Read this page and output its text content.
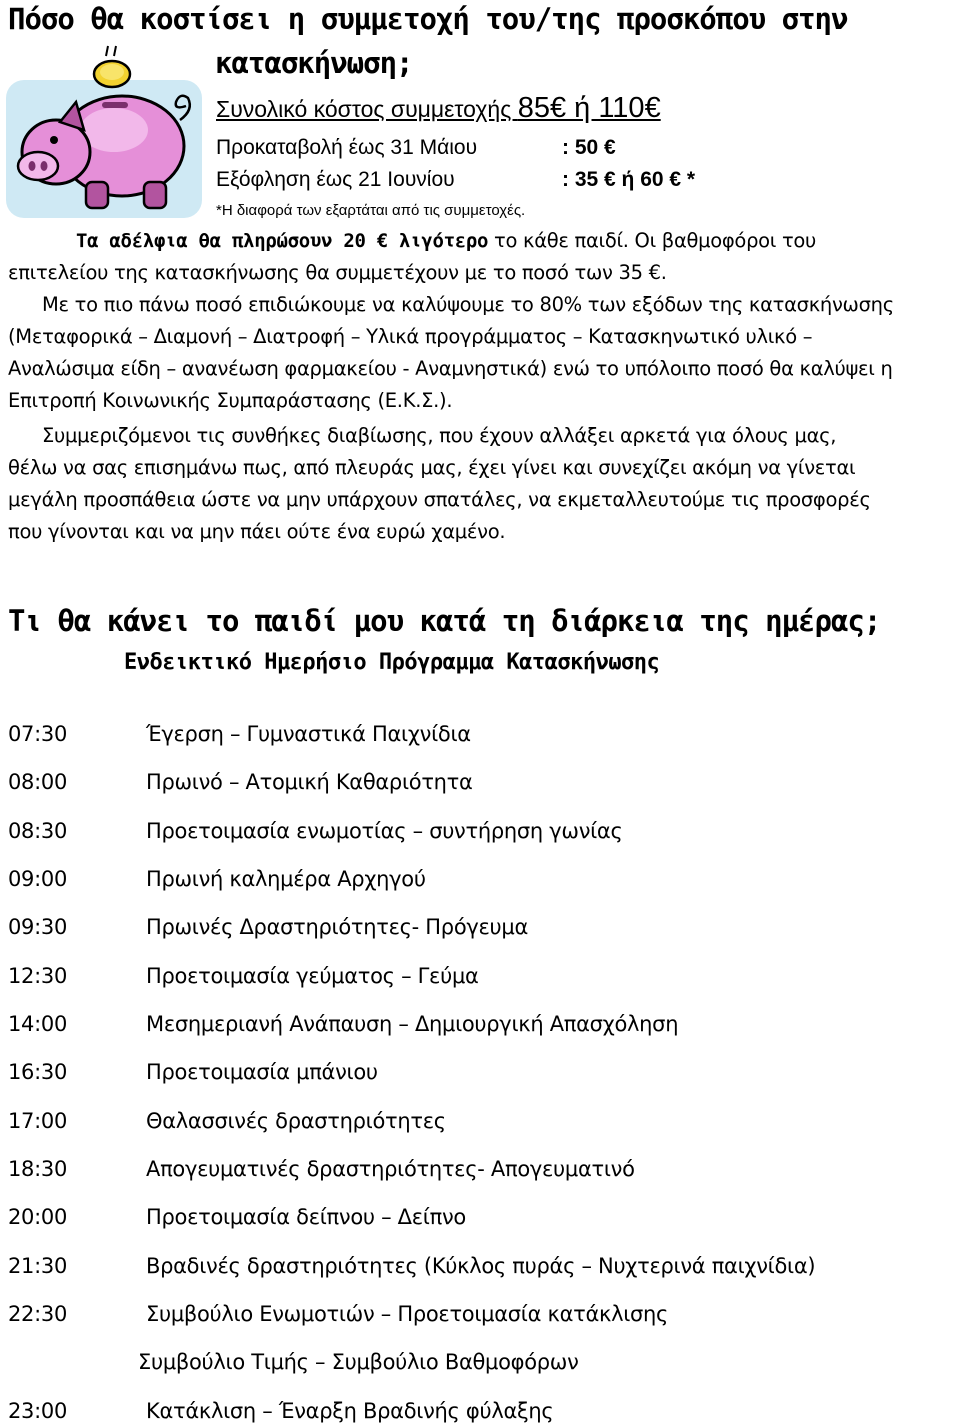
Πόσο θα κοστίσει η συμμετοχή του/της προσκόπου στην
κατασκήνωση;
Συνολικό κόστος συμμετοχής 85€ ή 110€
Προκαταβολή έως 31 Μάιου	: 50 €
Εξόφληση έως 21 Ιουνίου	: 35 € ή 60 € *
*Η διαφορά των εξαρτάται από τις συμμετοχές.
Τα αδέλφια θα πληρώσουν 20 € λιγότερο το κάθε παιδί. Οι βαθμοφόροι του
επιτελείου της κατασκήνωσης θα συμμετέχουν με το ποσό των 35 €.
Με το πιο πάνω ποσό επιδιώκουμε να καλύψουμε το 80% των εξόδων της κατασκήνωσης
(Μεταφορικά – Διαμονή – Διατροφή – Υλικά προγράμματος – Κατασκηνωτικό υλικό –
Αναλώσιμα είδη – ανανέωση φαρμακείου - Αναμνηστικά) ενώ το υπόλοιπο ποσό θα καλύψει η
Επιτροπή Κοινωνικής Συμπαράστασης (Ε.Κ.Σ.).
Συμμεριζόμενοι τις συνθήκες διαβίωσης, που έχουν αλλάξει αρκετά για όλους μας,
θέλω να σας επισημάνω πως, από πλευράς μας, έχει γίνει και συνεχίζει ακόμη να γίνεται
μεγάλη προσπάθεια ώστε να μην υπάρχουν σπατάλες, να εκμεταλλευτούμε τις προσφορές
που γίνονται και να μην πάει ούτε ένα ευρώ χαμένο.
Τι θα κάνει το παιδί μου κατά τη διάρκεια της ημέρας;
Ενδεικτικό Ημερήσιο Πρόγραμμα Κατασκήνωσης
07:30	Έγερση – Γυμναστικά Παιχνίδια
08:00	Πρωινό – Ατομική Καθαριότητα
08:30	Προετοιμασία ενωμοτίας – συντήρηση γωνίας
09:00	Πρωινή καλημέρα Αρχηγού
09:30	Πρωινές Δραστηριότητες- Πρόγευμα
12:30	Προετοιμασία γεύματος – Γεύμα
14:00	Μεσημεριανή Ανάπαυση – Δημιουργική Απασχόληση
16:30	Προετοιμασία μπάνιου
17:00	Θαλασσινές δραστηριότητες
18:30	Απογευματινές δραστηριότητες- Απογευματινό
20:00	Προετοιμασία δείπνου – Δείπνο
21:30	Βραδινές δραστηριότητες (Κύκλος πυράς – Νυχτερινά παιχνίδια)
22:30	Συμβούλιο Ενωμοτιών – Προετοιμασία κατάκλισης
Συμβούλιο Τιμής – Συμβούλιο Βαθμοφόρων
23:00	Κατάκλιση – Έναρξη Βραδινής φύλαξης
